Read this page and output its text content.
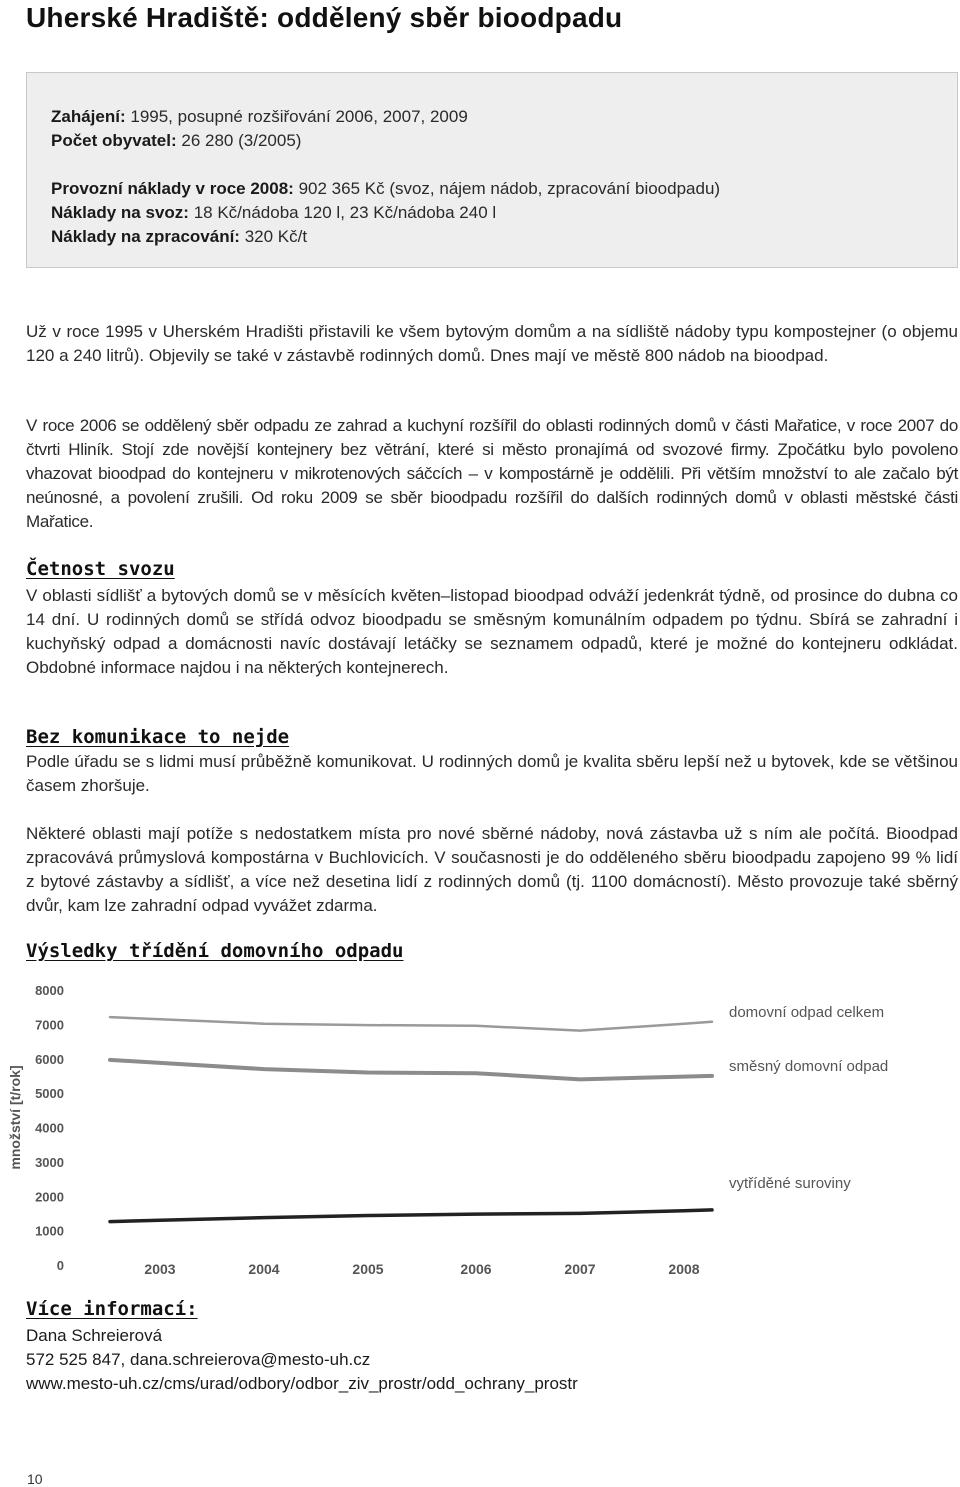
Uherské Hradiště: oddělený sběr bioodpadu
Zahájení: 1995, posupné rozšiřování 2006, 2007, 2009
Počet obyvatel: 26 280 (3/2005)
Provozní náklady v roce 2008: 902 365 Kč (svoz, nájem nádob, zpracování bioodpadu)
Náklady na svoz: 18 Kč/nádoba 120 l, 23 Kč/nádoba 240 l
Náklady na zpracování: 320 Kč/t

Už v roce 1995 v Uherském Hradišti přistavili ke všem bytovým domům a na sídliště nádoby typu kompostejner (o objemu 120 a 240 litrů). Objevily se také v zástavbě rodinných domů. Dnes mají ve městě 800 nádob na bioodpad.

V roce 2006 se oddělený sběr odpadu ze zahrad a kuchyní rozšířil do oblasti rodinných domů v části Mařatice, v roce 2007 do čtvrti Hliník. Stojí zde novější kontejnery bez větrání, které si město pronajímá od svozové firmy. Zpočátku bylo povoleno vhazovat bioodpad do kontejneru v mikrotenových sáčcích – v kompostárně je oddělili. Při větším množství to ale začalo být neúnosné, a povolení zrušili. Od roku 2009 se sběr bioodpadu rozšířil do dalších rodinných domů v oblasti městské části Mařatice.

Četnost svozu

V oblasti sídlišť a bytových domů se v měsících květen–listopad bioodpad odváží jedenkrát týdně, od prosince do dubna co 14 dní. U rodinných domů se střídá odvoz bioodpadu se směsným komunálním odpadem po týdnu. Sbírá se zahradní i kuchyňský odpad a domácnosti navíc dostávají letáčky se seznamem odpadů, které je možné do kontejneru odkládat. Obdobné informace najdou i na některých kontejnerech.

Bez komunikace to nejde

Podle úřadu se s lidmi musí průběžně komunikovat. U rodinných domů je kvalita sběru lepší než u bytovek, kde se většinou časem zhoršuje.

Některé oblasti mají potíže s nedostatkem místa pro nové sběrné nádoby, nová zástavba už s ním ale počítá. Bioodpad zpracovává průmyslová kompostárna v Buchlovicích. V současnosti je do odděleného sběru bioodpadu zapojeno 99 % lidí z bytové zástavby a sídlišť, a více než desetina lidí z rodinných domů (tj. 1100 domácností). Město provozuje také sběrný dvůr, kam lze zahradní odpad vyvážet zdarma.

Výsledky třídění domovního odpadu
8000
7000
6000
5000
4000
3000
2000
1000
0
množství [t/rok]
2003	2004	2005	2006	2007	2008
domovní odpad celkem
směsný domovní odpad
vytříděné suroviny
Více informací:
Dana Schreierová
572 525 847, dana.schreierova@mesto-uh.cz
www.mesto-uh.cz/cms/urad/odbory/odbor_ziv_prostr/odd_ochrany_prostr
10
